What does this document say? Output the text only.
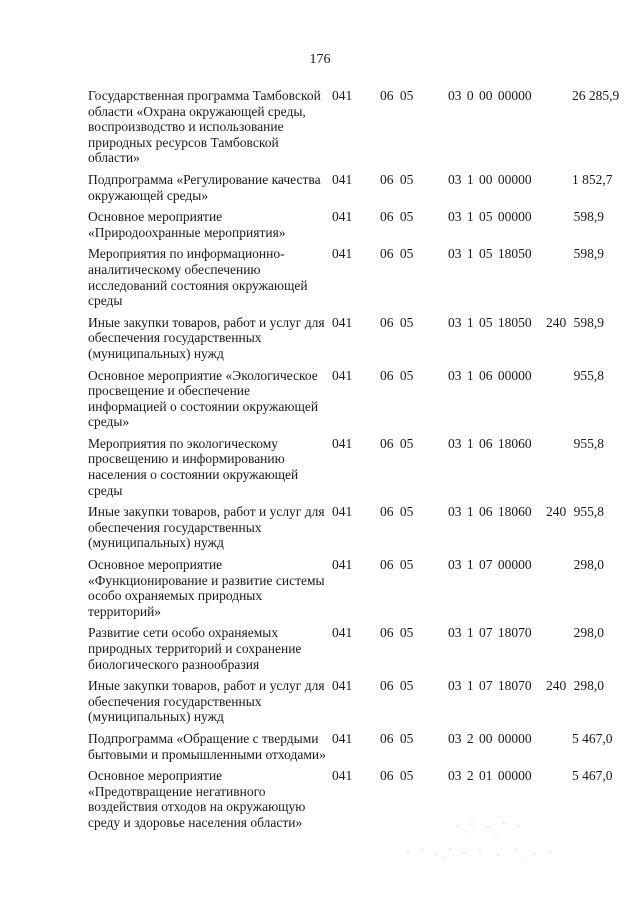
176
Государственная программа Тамбовской области «Охрана окружающей среды, воспроизводство и использование природных ресурсов Тамбовской области»
041	06 05	03 0 00 00000	26 285,9
Подпрограмма «Регулирование качества окружающей среды»
041	06 05	03 1 00 00000	1 852,7
Основное мероприятие «Природоохранные мероприятия»
041	06 05	03 1 05 00000	598,9
Мероприятия по информационно-аналитическому обеспечению исследований состояния окружающей среды
041	06 05	03 1 05 18050	598,9
Иные закупки товаров, работ и услуг для обеспечения государственных (муниципальных) нужд
041	06 05	03 1 05 18050	240 598,9
Основное мероприятие «Экологическое просвещение и обеспечение информацией о состоянии окружающей среды»
041	06 05	03 1 06 00000	955,8
Мероприятия по экологическому просвещению и информированию населения о состоянии окружающей среды
041	06 05	03 1 06 18060	955,8
Иные закупки товаров, работ и услуг для обеспечения государственных (муниципальных) нужд
041	06 05	03 1 06 18060	240 955,8
Основное мероприятие «Функционирование и развитие системы особо охраняемых природных территорий»
041	06 05	03 1 07 00000	298,0
Развитие сети особо охраняемых природных территорий и сохранение биологического разнообразия
041	06 05	03 1 07 18070	298,0
Иные закупки товаров, работ и услуг для обеспечения государственных (муниципальных) нужд
041	06 05	03 1 07 18070	240 298,0
Подпрограмма «Обращение с твердыми бытовыми и промышленными отходами»
041	06 05	03 2 00 00000	5 467,0
Основное мероприятие «Предотвращение негативного воздействия отходов на окружающую среду и здоровье населения области»
041	06 05	03 2 01 00000	5 467,0
